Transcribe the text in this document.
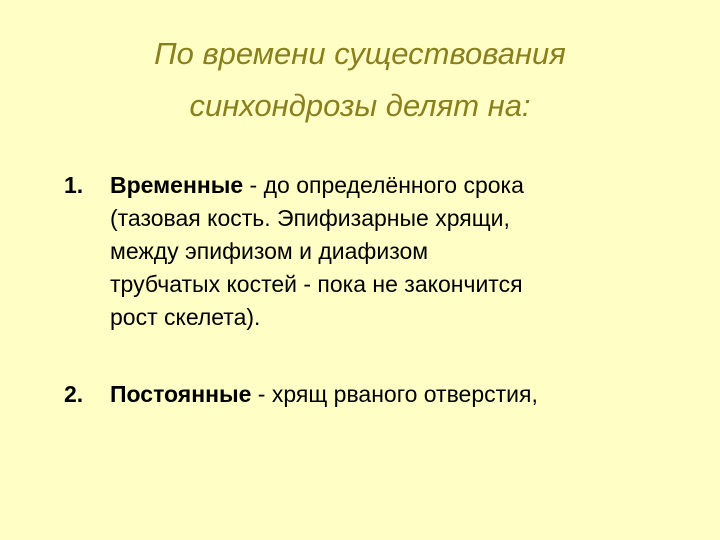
По времени существования
синхондрозы делят на:
1. Временные - до определённого срока
(тазовая кость. Эпифизарные хрящи,
между эпифизом и диафизом
трубчатых костей - пока не закончится
рост скелета).
2. Постоянные - хрящ рваного отверстия,
